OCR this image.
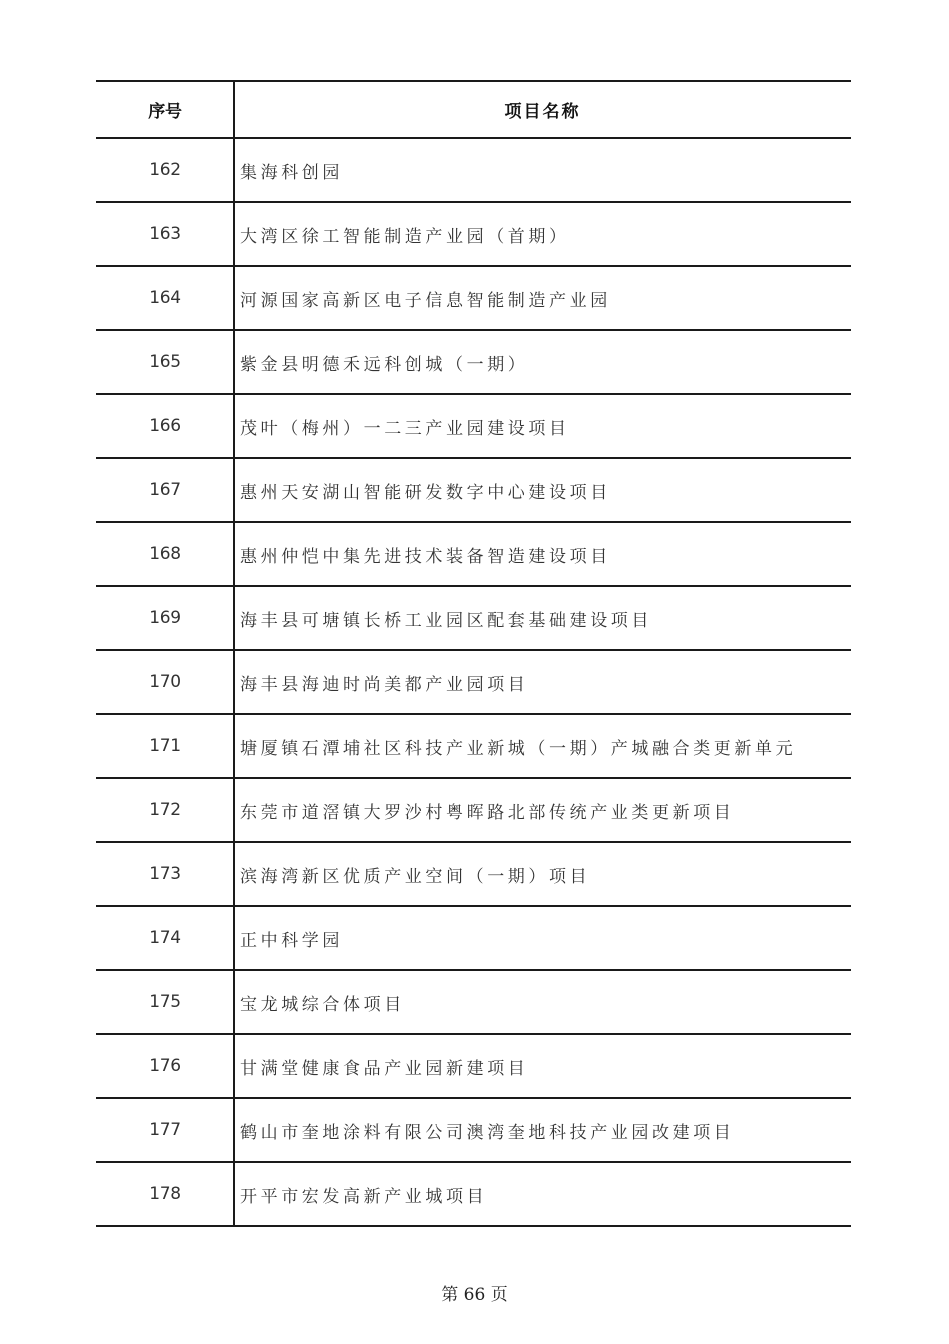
序号	项目名称
162	集海科创园
163	大湾区徐工智能制造产业园（首期）
164	河源国家高新区电子信息智能制造产业园
165	紫金县明德禾远科创城（一期）
166	茂叶（梅州）一二三产业园建设项目
167	惠州天安湖山智能研发数字中心建设项目
168	惠州仲恺中集先进技术装备智造建设项目
169	海丰县可塘镇长桥工业园区配套基础建设项目
170	海丰县海迪时尚美都产业园项目
171	塘厦镇石潭埔社区科技产业新城（一期）产城融合类更新单元
172	东莞市道滘镇大罗沙村粤晖路北部传统产业类更新项目
173	滨海湾新区优质产业空间（一期）项目
174	正中科学园
175	宝龙城综合体项目
176	甘满堂健康食品产业园新建项目
177	鹤山市奎地涂料有限公司澳湾奎地科技产业园改建项目
178	开平市宏发高新产业城项目
第 66 页
